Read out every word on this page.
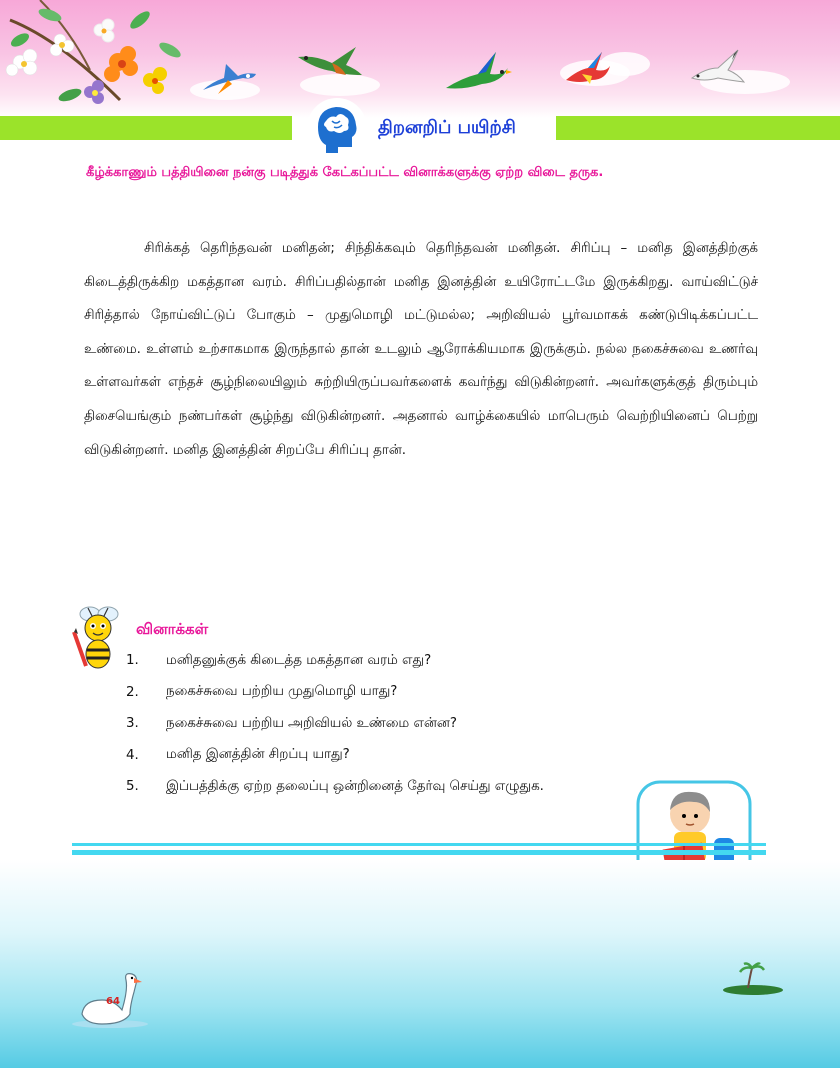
திறனறிப் பயிற்சி
கீழ்க்காணும் பத்தியினை நன்கு படித்துக் கேட்கப்பட்ட வினாக்களுக்கு ஏற்ற விடை தருக.

சிரிக்கத் தெரிந்தவன் மனிதன்; சிந்திக்கவும் தெரிந்தவன் மனிதன். சிரிப்பு – மனித இனத்திற்குக் கிடைத்திருக்கிற மகத்தான வரம். சிரிப்பதில்தான் மனித இனத்தின் உயிரோட்டமே இருக்கிறது. வாய்விட்டுச் சிரித்தால் நோய்விட்டுப் போகும் – முதுமொழி மட்டுமல்ல; அறிவியல் பூர்வமாகக் கண்டுபிடிக்கப்பட்ட உண்மை. உள்ளம் உற்சாகமாக இருந்தால் தான் உடலும் ஆரோக்கியமாக இருக்கும். நல்ல நகைச்சுவை உணர்வு உள்ளவர்கள் எந்தச் சூழ்நிலையிலும் சுற்றியிருப்பவர்களைக் கவர்ந்து விடுகின்றனர். அவர்களுக்குத் திரும்பும் திசையெங்கும் நண்பர்கள் சூழ்ந்து விடுகின்றனர். அதனால் வாழ்க்கையில் மாபெரும் வெற்றியினைப் பெற்று விடுகின்றனர். மனித இனத்தின் சிறப்பே சிரிப்பு தான்.

வினாக்கள்
1.	மனிதனுக்குக் கிடைத்த மகத்தான வரம் எது?
2.	நகைச்சுவை பற்றிய முதுமொழி யாது?
3.	நகைச்சுவை பற்றிய அறிவியல் உண்மை என்ன?
4.	மனித இனத்தின் சிறப்பு யாது?
5.	இப்பத்திக்கு ஏற்ற தலைப்பு ஒன்றினைத் தேர்வு செய்து எழுதுக.
64
